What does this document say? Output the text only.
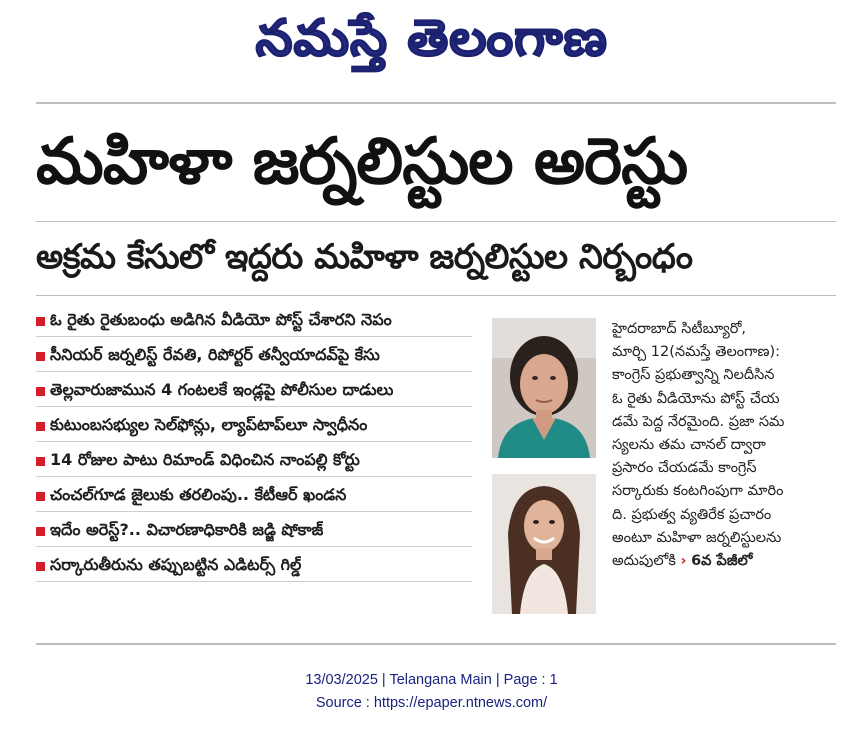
నమస్తే తెలంగాణ
మహిళా జర్నలిస్టుల అరెస్టు
అక్రమ కేసులో ఇద్దరు మహిళా జర్నలిస్టుల నిర్బంధం
ఓ రైతు రైతుబంధు అడిగిన వీడియో పోస్ట్ చేశారని నెపం
సీనియర్ జర్నలిస్ట్ రేవతి, రిపోర్టర్ తన్వీయాదవ్‌పై కేసు
తెల్లవారుజామున 4 గంటలకే ఇండ్లపై పోలీసుల దాడులు
కుటుంబసభ్యుల సెల్‌ఫోన్లు, ల్యాప్‌టాప్‌లూ స్వాధీనం
14 రోజుల పాటు రిమాండ్ విధించిన నాంపల్లి కోర్టు
చంచల్‌గూడ జైలుకు తరలింపు.. కేటీఆర్ ఖండన
ఇదేం అరెస్ట్?.. విచారణాధికారికి జడ్జి షోకాజ్
సర్కారుతీరును తప్పుబట్టిన ఎడిటర్స్ గిల్డ్
హైదరాబాద్ సిటీబ్యూరో,
మార్చి 12(నమస్తే తెలంగాణ):
కాంగ్రెస్ ప్రభుత్వాన్ని నిలదీసిన
ఓ రైతు వీడియోను పోస్ట్ చేయ
డమే పెద్ద నేరమైంది. ప్రజా సమ
స్యలను తమ చానల్ ద్వారా
ప్రసారం చేయడమే కాంగ్రెస్
సర్కారుకు కంటగింపుగా మారిం
ది. ప్రభుత్వ వ్యతిరేక ప్రచారం
అంటూ మహిళా జర్నలిస్టులను
అదుపులోకి › 6వ పేజీలో
13/03/2025 | Telangana Main | Page : 1
Source : https://epaper.ntnews.com/
